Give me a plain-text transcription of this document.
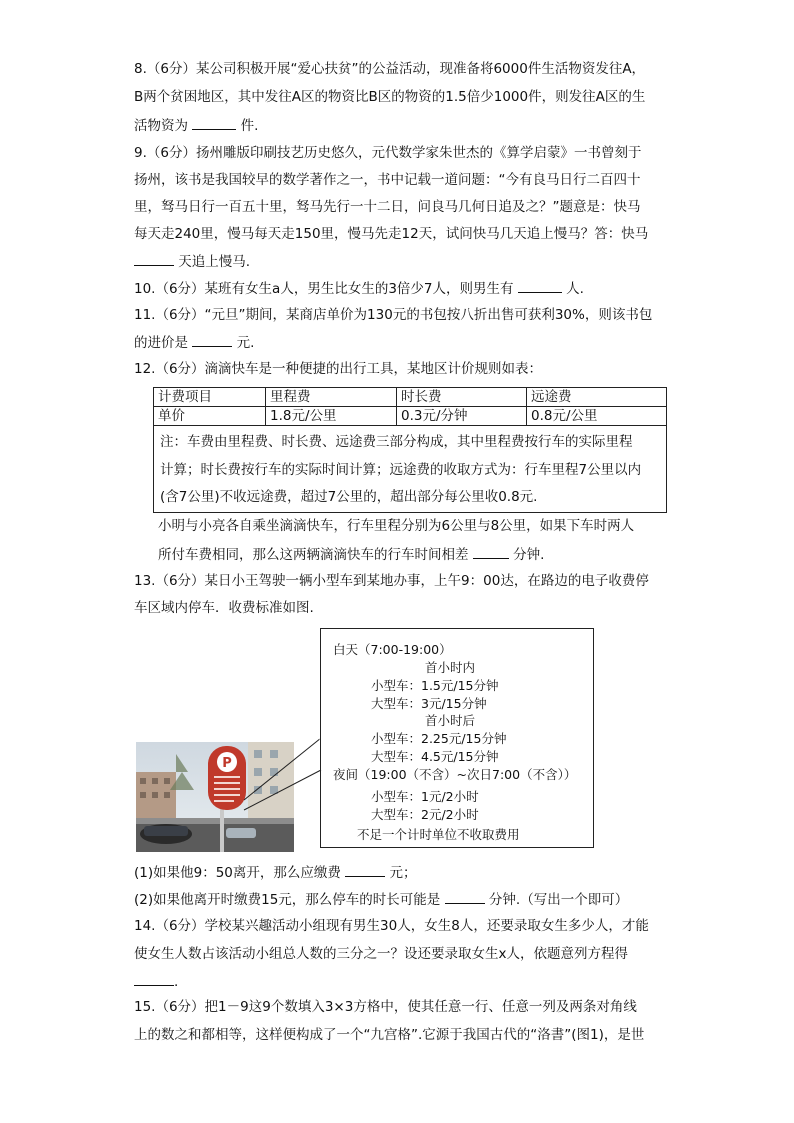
8.（6分）某公司积极开展“爱心扶贫”的公益活动，现准备将6000件生活物资发往A，
B两个贫困地区，其中发往A区的物资比B区的物资的1.5倍少1000件，则发往A区的生
活物资为	件.
9.（6分）扬州雕版印刷技艺历史悠久，元代数学家朱世杰的《算学启蒙》一书曾刻于
扬州，该书是我国较早的数学著作之一，书中记载一道问题：“今有良马日行二百四十
里，驽马日行一百五十里，驽马先行一十二日，问良马几何日追及之？”题意是：快马
每天走240里，慢马每天走150里，慢马先走12天，试问快马几天追上慢马？答：快马
天追上慢马.
10.（6分）某班有女生a人，男生比女生的3倍少7人，则男生有	人.
11.（6分）“元旦”期间，某商店单价为130元的书包按八折出售可获利30%，则该书包
的进价是	元.
12.（6分）滴滴快车是一种便捷的出行工具，某地区计价规则如表：
计费项目	里程费	时长费	远途费
单价	1.8元/公里	0.3元/分钟	0.8元/公里
注：车费由里程费、时长费、远途费三部分构成，其中里程费按行车的实际里程
计算；时长费按行车的实际时间计算；远途费的收取方式为：行车里程7公里以内
(含7公里)不收远途费，超过7公里的，超出部分每公里收0.8元.
小明与小亮各自乘坐滴滴快车，行车里程分别为6公里与8公里，如果下车时两人
所付车费相同，那么这两辆滴滴快车的行车时间相差	分钟.
13.（6分）某日小王驾驶一辆小型车到某地办事，上午9：00达，在路边的电子收费停
车区域内停车．收费标准如图.
P
白天（7:00-19:00）
首小时内
小型车：1.5元/15分钟
大型车：3元/15分钟
首小时后
小型车：2.25元/15分钟
大型车：4.5元/15分钟
夜间（19:00（不含）~次日7:00（不含））
小型车：1元/2小时
大型车：2元/2小时
不足一个计时单位不收取费用
(1)如果他9：50离开，那么应缴费	元；
(2)如果他离开时缴费15元，那么停车的时长可能是	分钟.（写出一个即可）
14.（6分）学校某兴趣活动小组现有男生30人，女生8人，还要录取女生多少人，才能
使女生人数占该活动小组总人数的三分之一？设还要录取女生x人，依题意列方程得
.
15.（6分）把1－9这9个数填入3×3方格中，使其任意一行、任意一列及两条对角线
上的数之和都相等，这样便构成了一个“九宫格”.它源于我国古代的“洛書”(图1)，是世
